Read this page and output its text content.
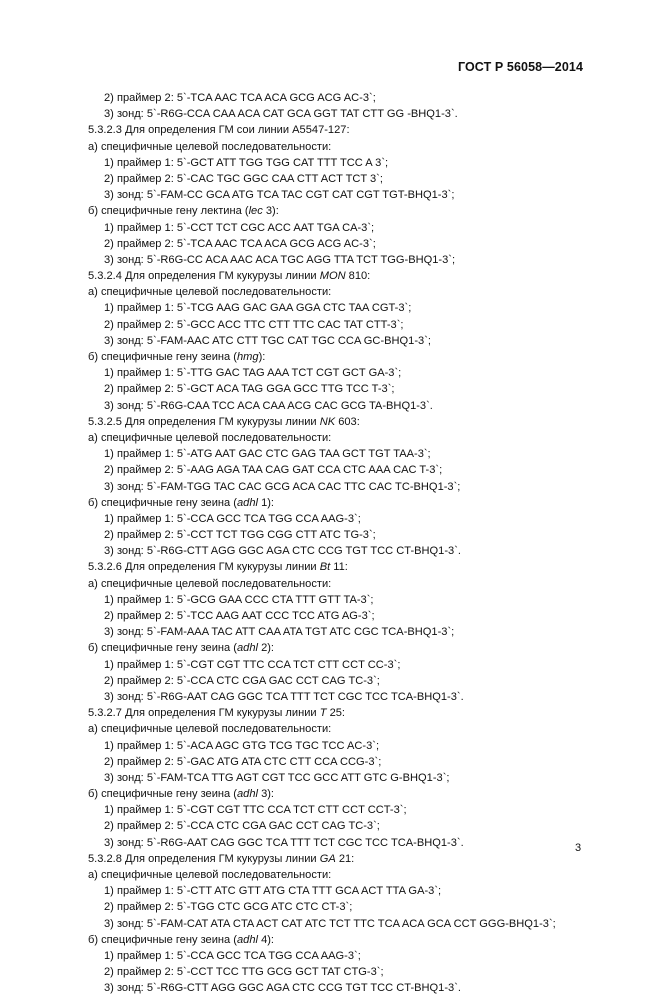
ГОСТ Р 56058—2014
2) праймер 2: 5`-TCA AAC TCA ACA GCG ACG AC-3`;
3) зонд: 5`-R6G-CCA CAA ACA CAT GCA GGT TAT CTT GG -BHQ1-3`.
5.3.2.3 Для определения ГМ сои линии А5547-127:
а) специфичные целевой последовательности:
1) праймер 1: 5`-GCT ATT TGG TGG CAT TTT TCC A 3`;
2) праймер 2: 5`-CAC TGC GGC CAA CTT ACT TCT 3`;
3) зонд: 5`-FAM-CC GCA ATG TCA TAC CGT CAT CGT TGT-BHQ1-3`;
б) специфичные гену лектина (lec 3):
1) праймер 1: 5`-CCT TCT CGC ACC AAT TGA CA-3`;
2) праймер 2: 5`-TCA AAC TCA ACA GCG ACG AC-3`;
3) зонд: 5`-R6G-CC ACA AAC ACA TGC AGG TTA TCT TGG-BHQ1-3`;
5.3.2.4 Для определения ГМ кукурузы линии MON 810:
а) специфичные целевой последовательности:
1) праймер 1: 5`-TCG AAG GAC GAA GGA CTC TAA CGT-3`;
2) праймер 2: 5`-GCC ACC TTC CTT TTC CAC TAT CTT-3`;
3) зонд: 5`-FAM-AAC ATC CTT TGC CAT TGC CCA GC-BHQ1-3`;
б) специфичные гену зеина (hmg):
1) праймер 1: 5`-TTG GAC TAG AAA TCT CGT GCT GA-3`;
2) праймер 2: 5`-GCT ACA TAG GGA GCC TTG TCC T-3`;
3) зонд: 5`-R6G-CAA TCC ACA CAA ACG CAC GCG TA-BHQ1-3`.
5.3.2.5 Для определения ГМ кукурузы линии NK 603:
а) специфичные целевой последовательности:
1) праймер 1: 5`-ATG AAT GAC CTC GAG TAA GCT TGT TAA-3`;
2) праймер 2: 5`-AAG AGA TAA CAG GAT CCA CTC AAA CAC T-3`;
3) зонд: 5`-FAM-TGG TAC CAC GCG ACA CAC TTC CAC TC-BHQ1-3`;
б) специфичные гену зеина (adhl 1):
1) праймер 1: 5`-CCA GCC TCA TGG CCA AAG-3`;
2) праймер 2: 5`-CCT TCT TGG CGG CTT ATC TG-3`;
3) зонд: 5`-R6G-CTT AGG GGC AGA CTC CCG TGT TCC CT-BHQ1-3`.
5.3.2.6 Для определения ГМ кукурузы линии Bt 11:
а) специфичные целевой последовательности:
1) праймер 1: 5`-GCG GAA CCC CTA TTT GTT TA-3`;
2) праймер 2: 5`-TCC AAG AAT CCC TCC ATG AG-3`;
3) зонд: 5`-FAM-AAA TAC ATT CAA ATA TGT ATC CGC TCA-BHQ1-3`;
б) специфичные гену зеина (adhl 2):
1) праймер 1: 5`-CGT CGT TTC CCA TCT CTT CCT CC-3`;
2) праймер 2: 5`-CCA CTC CGA GAC CCT CAG TC-3`;
3) зонд: 5`-R6G-AAT CAG GGC TCA TTT TCT CGC TCC TCA-BHQ1-3`.
5.3.2.7 Для определения ГМ кукурузы линии T 25:
а) специфичные целевой последовательности:
1) праймер 1: 5`-ACA AGC GTG TCG TGC TCC AC-3`;
2) праймер 2: 5`-GAC ATG ATA CTC CTT CCA CCG-3`;
3) зонд: 5`-FAM-TCA TTG AGT CGT TCC GCC ATT GTC G-BHQ1-3`;
б) специфичные гену зеина (adhl 3):
1) праймер 1: 5`-CGT CGT TTC CCA TCT CTT CCT CCT-3`;
2) праймер 2: 5`-CCA CTC CGA GAC CCT CAG TC-3`;
3) зонд: 5`-R6G-AAT CAG GGC TCA TTT TCT CGC TCC TCA-BHQ1-3`.
5.3.2.8 Для определения ГМ кукурузы линии GA 21:
а) специфичные целевой последовательности:
1) праймер 1: 5`-CTT ATC GTT ATG CTA TTT GCA ACT TTA GA-3`;
2) праймер 2: 5`-TGG CTC GCG ATC CTC CT-3`;
3) зонд: 5`-FAM-CAT ATA CTA ACT CAT ATC TCT TTC TCA ACA GCA CCT GGG-BHQ1-3`;
б) специфичные гену зеина (adhl 4):
1) праймер 1: 5`-CCA GCC TCA TGG CCA AAG-3`;
2) праймер 2: 5`-CCT TCC TTG GCG GCT TAT CTG-3`;
3) зонд: 5`-R6G-CTT AGG GGC AGA CTC CCG TGT TCC CT-BHQ1-3`.
3
